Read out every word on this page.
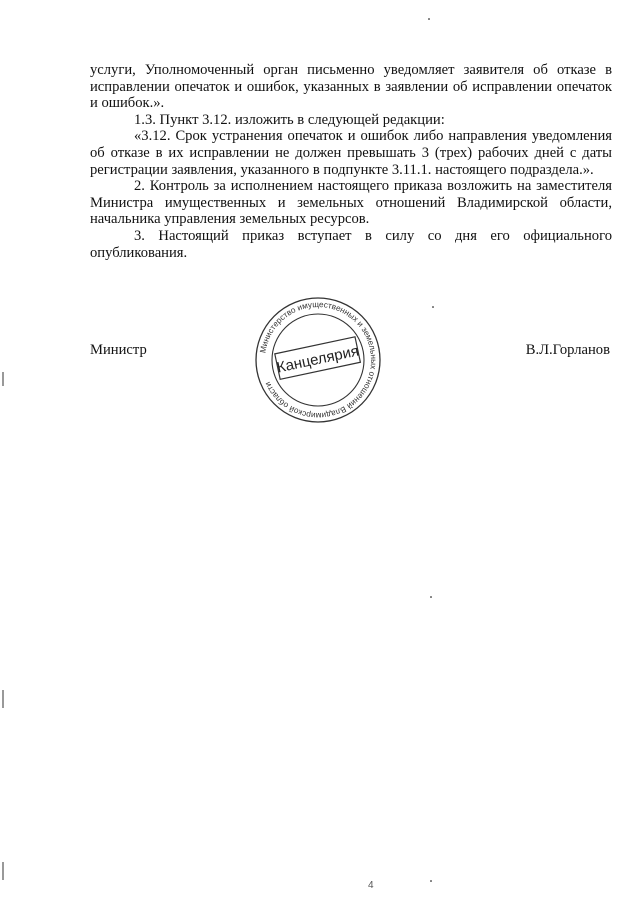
услуги, Уполномоченный орган письменно уведомляет заявителя об отказе в исправлении опечаток и ошибок, указанных в заявлении об исправлении опечаток и ошибок.».

1.3. Пункт 3.12. изложить в следующей редакции:

«3.12. Срок устранения опечаток и ошибок либо направления уведомления об отказе в их исправлении не должен превышать 3 (трех) рабочих дней с даты регистрации заявления, указанного в подпункте 3.11.1. настоящего подраздела.».

2. Контроль за исполнением настоящего приказа возложить на заместителя Министра имущественных и земельных отношений Владимирской области, начальника управления земельных ресурсов.

3. Настоящий приказ вступает в силу со дня его официального опубликования.

Министр	В.Л.Горланов
Министерство имущественных и земельных отношений Владимирской области
Канцелярия
4
